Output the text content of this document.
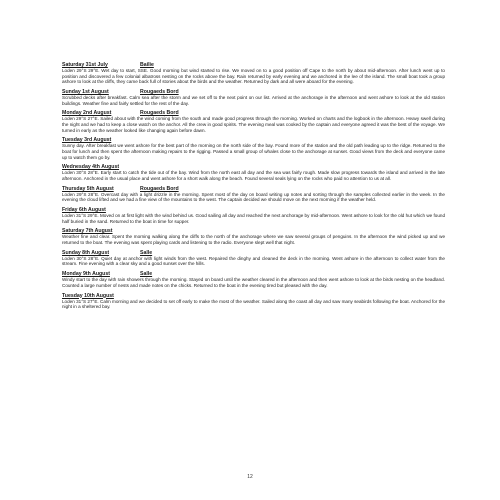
Saturday 31st July	Bailie
Loden 29°S 29°E. Wet day to start, SSE. Good morning but wind started to rise. We moved on to a good position off Cape to the north by about mid-afternoon. After lunch went up to position and discovered a few colonial albatross nesting on the rocks above the bay. Rain returned by early evening and we anchored in the lee of the island. The small boat took a group ashore to look at the cliffs, they came back full of stories about the birds and the weather. Returned by dark and all were aboard for the evening.
Sunday 1st August	Rougaeds Bord
Scrubbed decks after breakfast. Calm sea after the storm and we set off to the next point on our list. Arrived at the anchorage in the afternoon and went ashore to look at the old station buildings. Weather fine and fairly settled for the rest of the day.
Monday 2nd August	Rougaeds Bord
Loden 29°S 27°E. Sailed about with the wind coming from the south and made good progress through the morning. Worked on charts and the logbook in the afternoon. Heavy swell during the night and we had to keep a close watch on the anchor. All the crew in good spirits. The evening meal was cooked by the captain and everyone agreed it was the best of the voyage. We turned in early as the weather looked like changing again before dawn.
Tuesday 3rd August
Sunny day. After breakfast we went ashore for the best part of the morning on the north side of the bay. Found more of the station and the old path leading up to the ridge. Returned to the boat for lunch and then spent the afternoon making repairs to the rigging. Passed a small group of whales close to the anchorage at sunset. Good views from the deck and everyone came up to watch them go by.
Wednesday 4th August
Loden 30°S 28°E. Early start to catch the tide out of the bay. Wind from the north east all day and the sea was fairly rough. Made slow progress towards the island and arrived in the late afternoon. Anchored in the usual place and went ashore for a short walk along the beach. Found several seals lying on the rocks who paid no attention to us at all.
Thursday 5th August	Rougaeds Bord
Loden 29°S 28°E. Overcast day with a light drizzle in the morning. Spent most of the day on board writing up notes and sorting through the samples collected earlier in the week. In the evening the cloud lifted and we had a fine view of the mountains to the west. The captain decided we should move on the next morning if the weather held.
Friday 6th August
Loden 31°S 29°E. Moved on at first light with the wind behind us. Good sailing all day and reached the next anchorage by mid-afternoon. Went ashore to look for the old hut which we found half buried in the sand. Returned to the boat in time for supper.
Saturday 7th August
Weather fine and clear. Spent the morning walking along the cliffs to the north of the anchorage where we saw several groups of penguins. In the afternoon the wind picked up and we returned to the boat. The evening was spent playing cards and listening to the radio. Everyone slept well that night.
Sunday 8th August	Salle
Loden 30°S 28°E. Quiet day at anchor with light winds from the west. Repaired the dinghy and cleaned the deck in the morning. Went ashore in the afternoon to collect water from the stream. Fine evening with a clear sky and a good sunset over the hills.
Monday 9th August	Salle
Windy start to the day with rain showers through the morning. Stayed on board until the weather cleared in the afternoon and then went ashore to look at the birds nesting on the headland. Counted a large number of nests and made notes on the chicks. Returned to the boat in the evening tired but pleased with the day.
Tuesday 10th August
Loden 31°S 27°E. Calm morning and we decided to set off early to make the most of the weather. Sailed along the coast all day and saw many seabirds following the boat. Anchored for the night in a sheltered bay.
12
